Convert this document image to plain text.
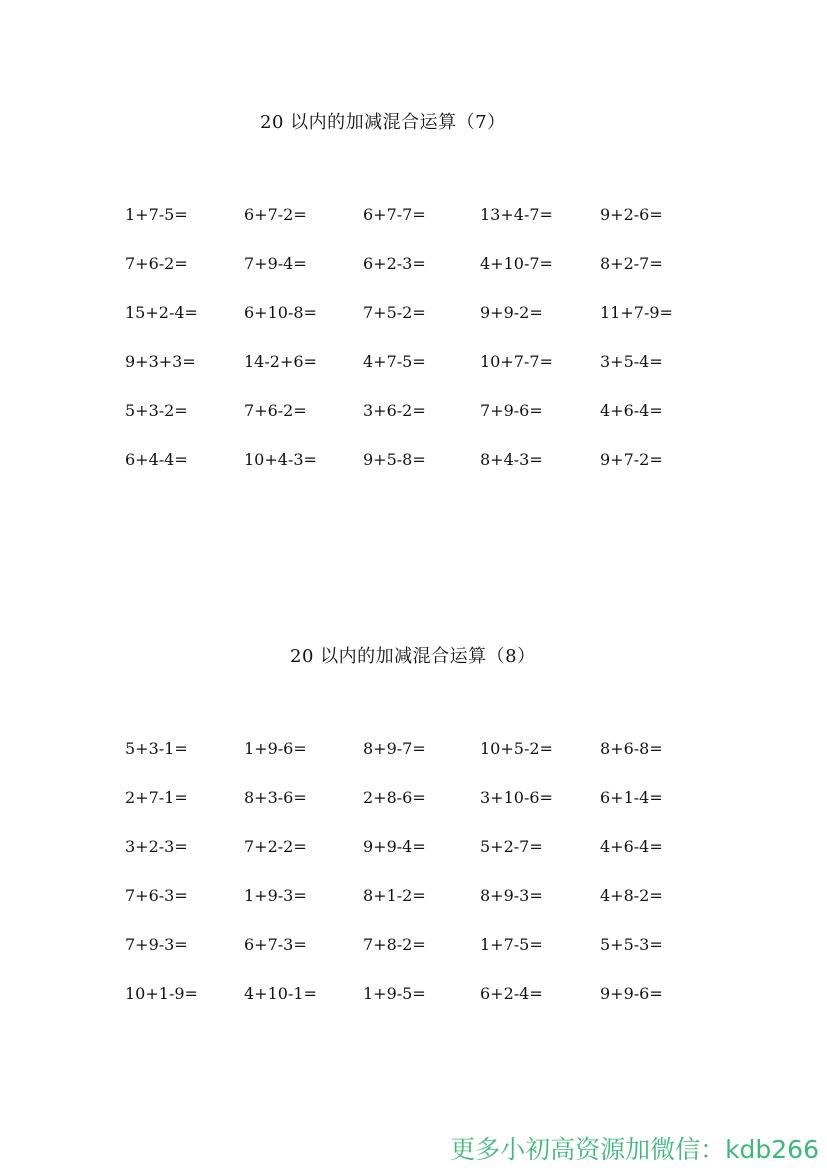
20 以内的加减混合运算（7）
1+7-5=	6+7-2=	6+7-7=	13+4-7=	9+2-6=
7+6-2=	7+9-4=	6+2-3=	4+10-7=	8+2-7=
15+2-4=	6+10-8=	7+5-2=	9+9-2=	11+7-9=
9+3+3=	14-2+6=	4+7-5=	10+7-7=	3+5-4=
5+3-2=	7+6-2=	3+6-2=	7+9-6=	4+6-4=
6+4-4=	10+4-3=	9+5-8=	8+4-3=	9+7-2=
20 以内的加减混合运算（8）
5+3-1=	1+9-6=	8+9-7=	10+5-2=	8+6-8=
2+7-1=	8+3-6=	2+8-6=	3+10-6=	6+1-4=
3+2-3=	7+2-2=	9+9-4=	5+2-7=	4+6-4=
7+6-3=	1+9-3=	8+1-2=	8+9-3=	4+8-2=
7+9-3=	6+7-3=	7+8-2=	1+7-5=	5+5-3=
10+1-9=	4+10-1=	1+9-5=	6+2-4=	9+9-6=
更多小初高资源加微信：kdb266
